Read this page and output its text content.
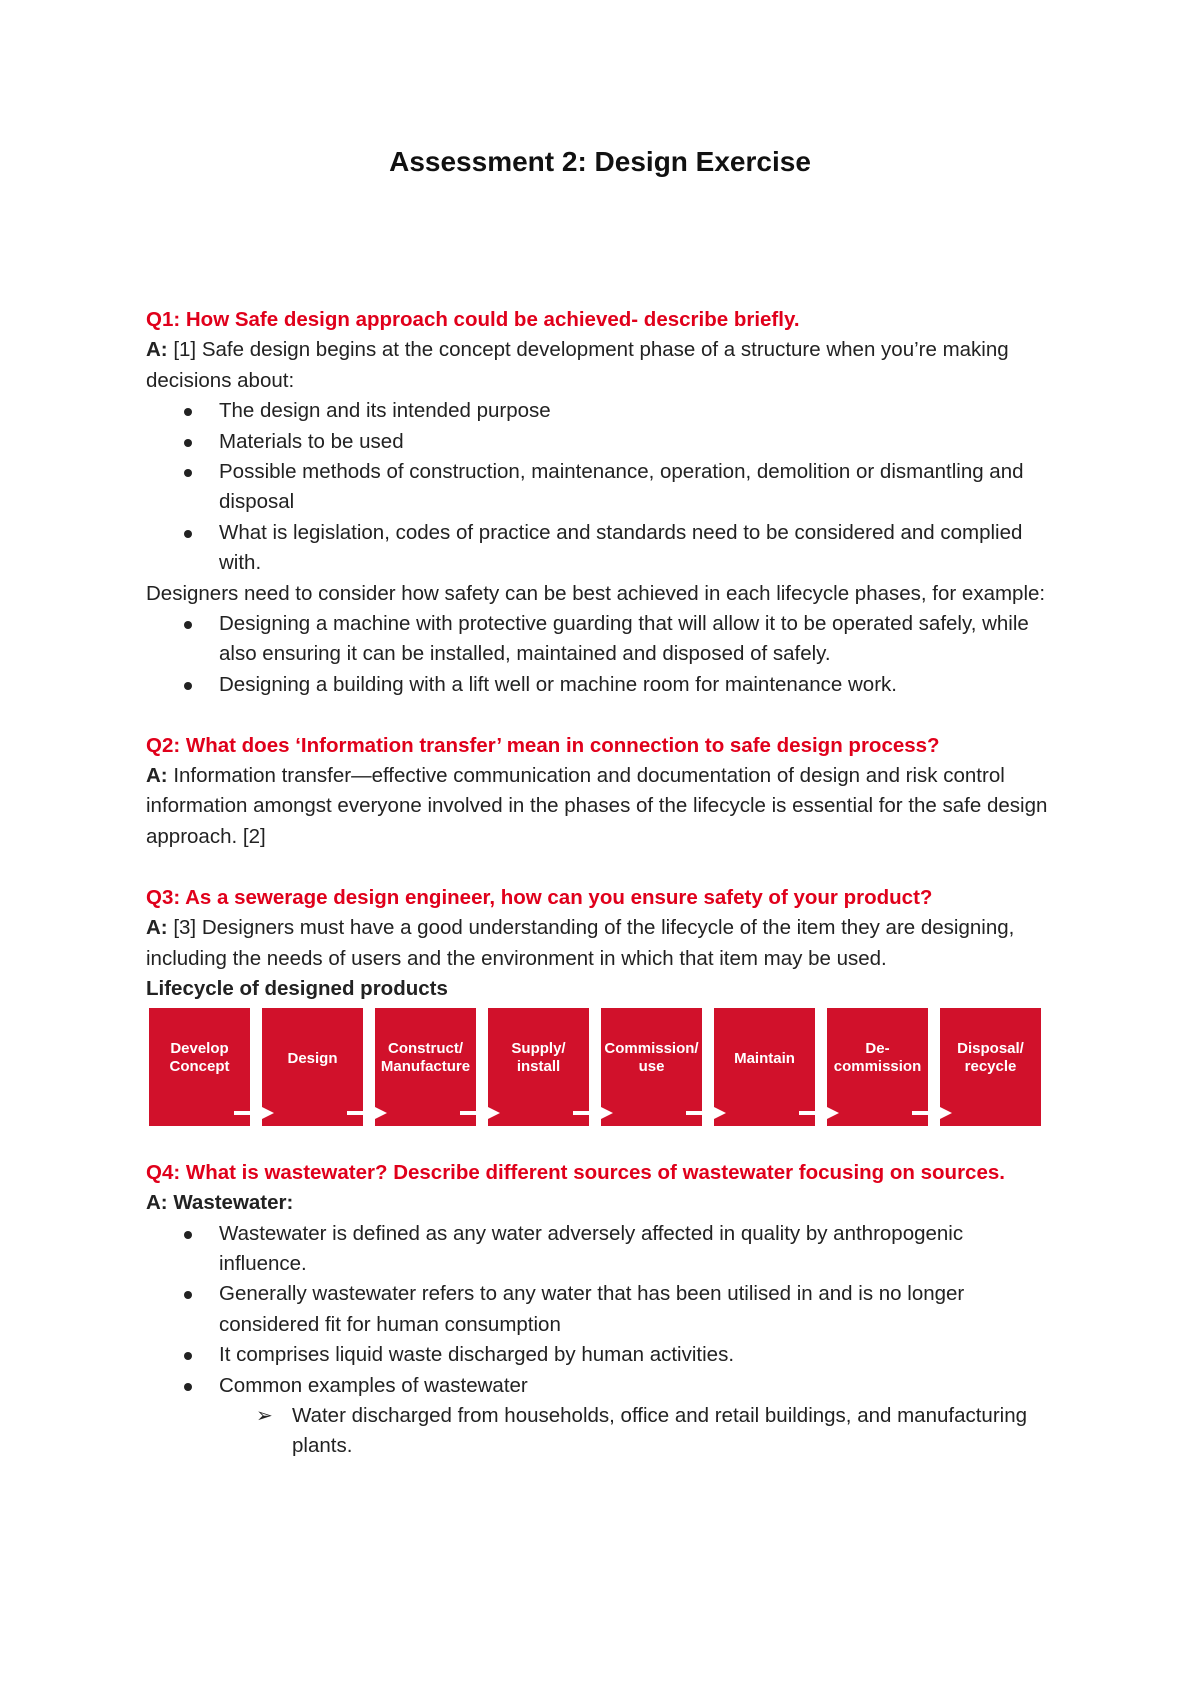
Assessment 2: Design Exercise

Q1: How Safe design approach could be achieved- describe briefly.

A: [1] Safe design begins at the concept development phase of a structure when you’re making decisions about:

The design and its intended purpose
Materials to be used
Possible methods of construction, maintenance, operation, demolition or dismantling and disposal
What is legislation, codes of practice and standards need to be considered and complied with.

Designers need to consider how safety can be best achieved in each lifecycle phases, for example:

Designing a machine with protective guarding that will allow it to be operated safely, while also ensuring it can be installed, maintained and disposed of safely.
Designing a building with a lift well or machine room for maintenance work.

Q2: What does ‘Information transfer’ mean in connection to safe design process?

A: Information transfer—effective communication and documentation of design and risk control information amongst everyone involved in the phases of the lifecycle is essential for the safe design approach. [2]

Q3: As a sewerage design engineer, how can you ensure safety of your product?

A: [3] Designers must have a good understanding of the lifecycle of the item they are designing, including the needs of users and the environment in which that item may be used.

Lifecycle of designed products

Develop
Concept	Design
Construct/
Manufacture
Supply/
install
Commission/
use	Maintain
De-
commission
Disposal/
recycle

Q4: What is wastewater? Describe different sources of wastewater focusing on sources.

A: Wastewater:

Wastewater is defined as any water adversely affected in quality by anthropogenic influence.
Generally wastewater refers to any water that has been utilised in and is no longer considered fit for human consumption
It comprises liquid waste discharged by human activities.
Common examples of wastewater
➢ Water discharged from households, office and retail buildings, and manufacturing plants.
